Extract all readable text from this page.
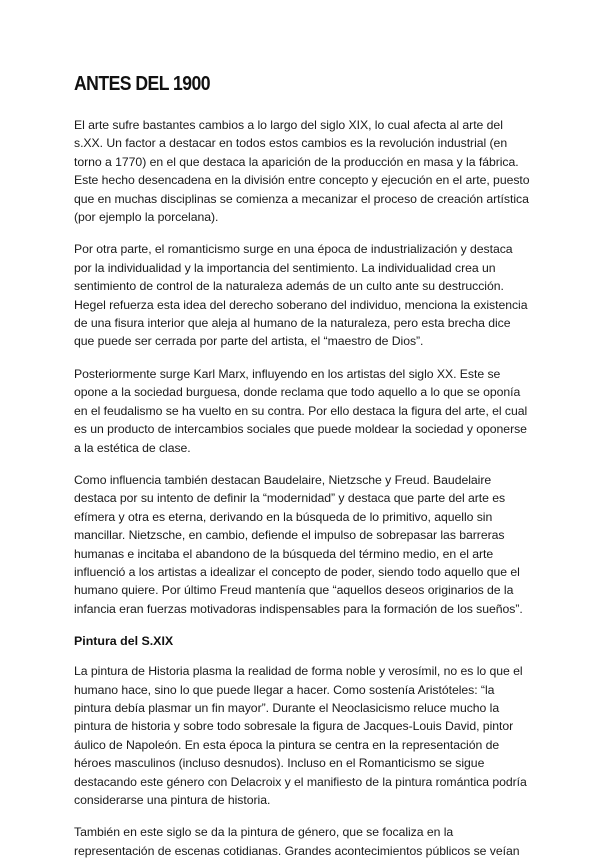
ANTES DEL 1900

El arte sufre bastantes cambios a lo largo del siglo XIX, lo cual afecta al arte del s.XX. Un factor a destacar en todos estos cambios es la revolución industrial (en torno a 1770) en el que destaca la aparición de la producción en masa y la fábrica. Este hecho desencadena en la división entre concepto y ejecución en el arte, puesto que en muchas disciplinas se comienza a mecanizar el proceso de creación artística (por ejemplo la porcelana).

Por otra parte, el romanticismo surge en una época de industrialización y destaca por la individualidad y la importancia del sentimiento. La individualidad crea un sentimiento de control de la naturaleza además de un culto ante su destrucción. Hegel refuerza esta idea del derecho soberano del individuo, menciona la existencia de una fisura interior que aleja al humano de la naturaleza, pero esta brecha dice que puede ser cerrada por parte del artista, el “maestro de Dios”.

Posteriormente surge Karl Marx, influyendo en los artistas del siglo XX. Este se opone a la sociedad burguesa, donde reclama que todo aquello a lo que se oponía en el feudalismo se ha vuelto en su contra. Por ello destaca la figura del arte, el cual es un producto de intercambios sociales que puede moldear la sociedad y oponerse a la estética de clase.

Como influencia también destacan Baudelaire, Nietzsche y Freud. Baudelaire destaca por su intento de definir la “modernidad” y destaca que parte del arte es efímera y otra es eterna, derivando en la búsqueda de lo primitivo, aquello sin mancillar. Nietzsche, en cambio, defiende el impulso de sobrepasar las barreras humanas e incitaba el abandono de la búsqueda del término medio, en el arte influenció a los artistas a idealizar el concepto de poder, siendo todo aquello que el humano quiere. Por último Freud mantenía que “aquellos deseos originarios de la infancia eran fuerzas motivadoras indispensables para la formación de los sueños”.

Pintura del S.XIX

La pintura de Historia plasma la realidad de forma noble y verosímil, no es lo que el humano hace, sino lo que puede llegar a hacer. Como sostenía Aristóteles: “la pintura debía plasmar un fin mayor”. Durante el Neoclasicismo reluce mucho la pintura de historia y sobre todo sobresale la figura de Jacques-Louis David, pintor áulico de Napoleón. En esta época la pintura se centra en la representación de héroes masculinos (incluso desnudos). Incluso en el Romanticismo se sigue destacando este género con Delacroix y el manifiesto de la pintura romántica podría considerarse una pintura de historia.

También en este siglo se da la pintura de género, que se focaliza en la representación de escenas cotidianas. Grandes acontecimientos públicos se veían
